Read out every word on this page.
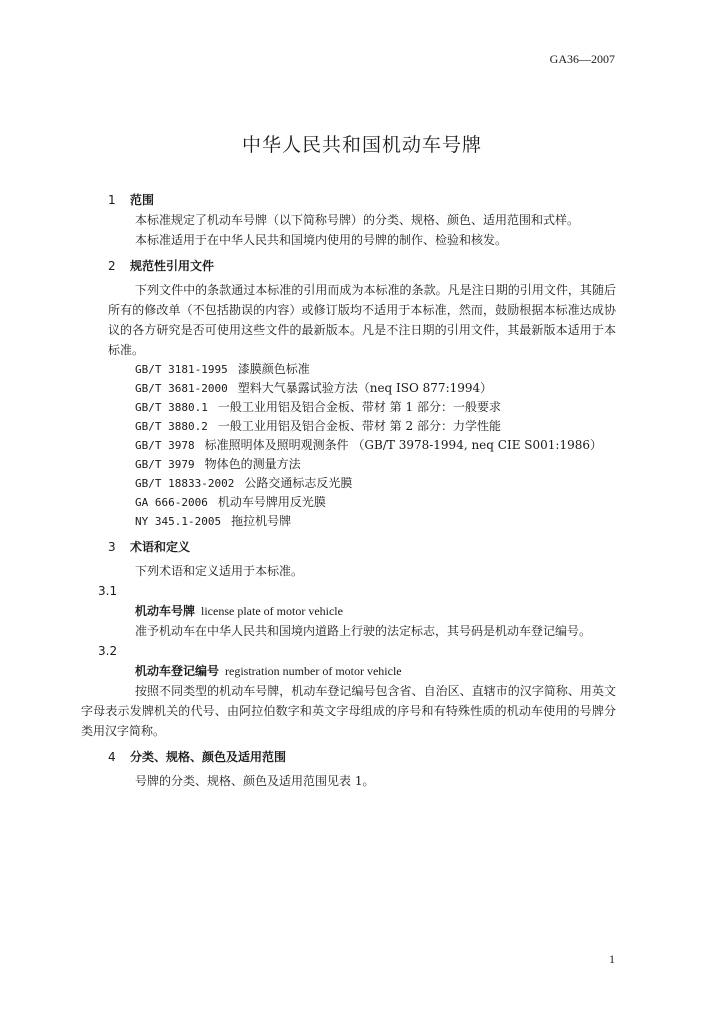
GA36—2007
中华人民共和国机动车号牌
1 范围

本标准规定了机动车号牌（以下简称号牌）的分类、规格、颜色、适用范围和式样。

本标准适用于在中华人民共和国境内使用的号牌的制作、检验和核发。

2 规范性引用文件

下列文件中的条款通过本标准的引用而成为本标准的条款。凡是注日期的引用文件，其随后所有的修改单（不包括勘误的内容）或修订版均不适用于本标准，然而，鼓励根据本标准达成协议的各方研究是否可使用这些文件的最新版本。凡是不注日期的引用文件，其最新版本适用于本标准。

GB/T 3181-1995 漆膜颜色标准
GB/T 3681-2000 塑料大气暴露试验方法（neq ISO 877:1994）
GB/T 3880.1 一般工业用铝及铝合金板、带材 第 1 部分：一般要求
GB/T 3880.2 一般工业用铝及铝合金板、带材 第 2 部分：力学性能
GB/T 3978 标准照明体及照明观测条件 （GB/T 3978-1994, neq CIE S001:1986）
GB/T 3979 物体色的测量方法
GB/T 18833-2002 公路交通标志反光膜
GA 666-2006 机动车号牌用反光膜
NY 345.1-2005 拖拉机号牌
3 术语和定义

下列术语和定义适用于本标准。

3.1

机动车号牌 license plate of motor vehicle

准予机动车在中华人民共和国境内道路上行驶的法定标志，其号码是机动车登记编号。

3.2

机动车登记编号 registration number of motor vehicle

按照不同类型的机动车号牌，机动车登记编号包含省、自治区、直辖市的汉字简称、用英文字母表示发牌机关的代号、由阿拉伯数字和英文字母组成的序号和有特殊性质的机动车使用的号牌分类用汉字简称。

4 分类、规格、颜色及适用范围

号牌的分类、规格、颜色及适用范围见表 1。

1
